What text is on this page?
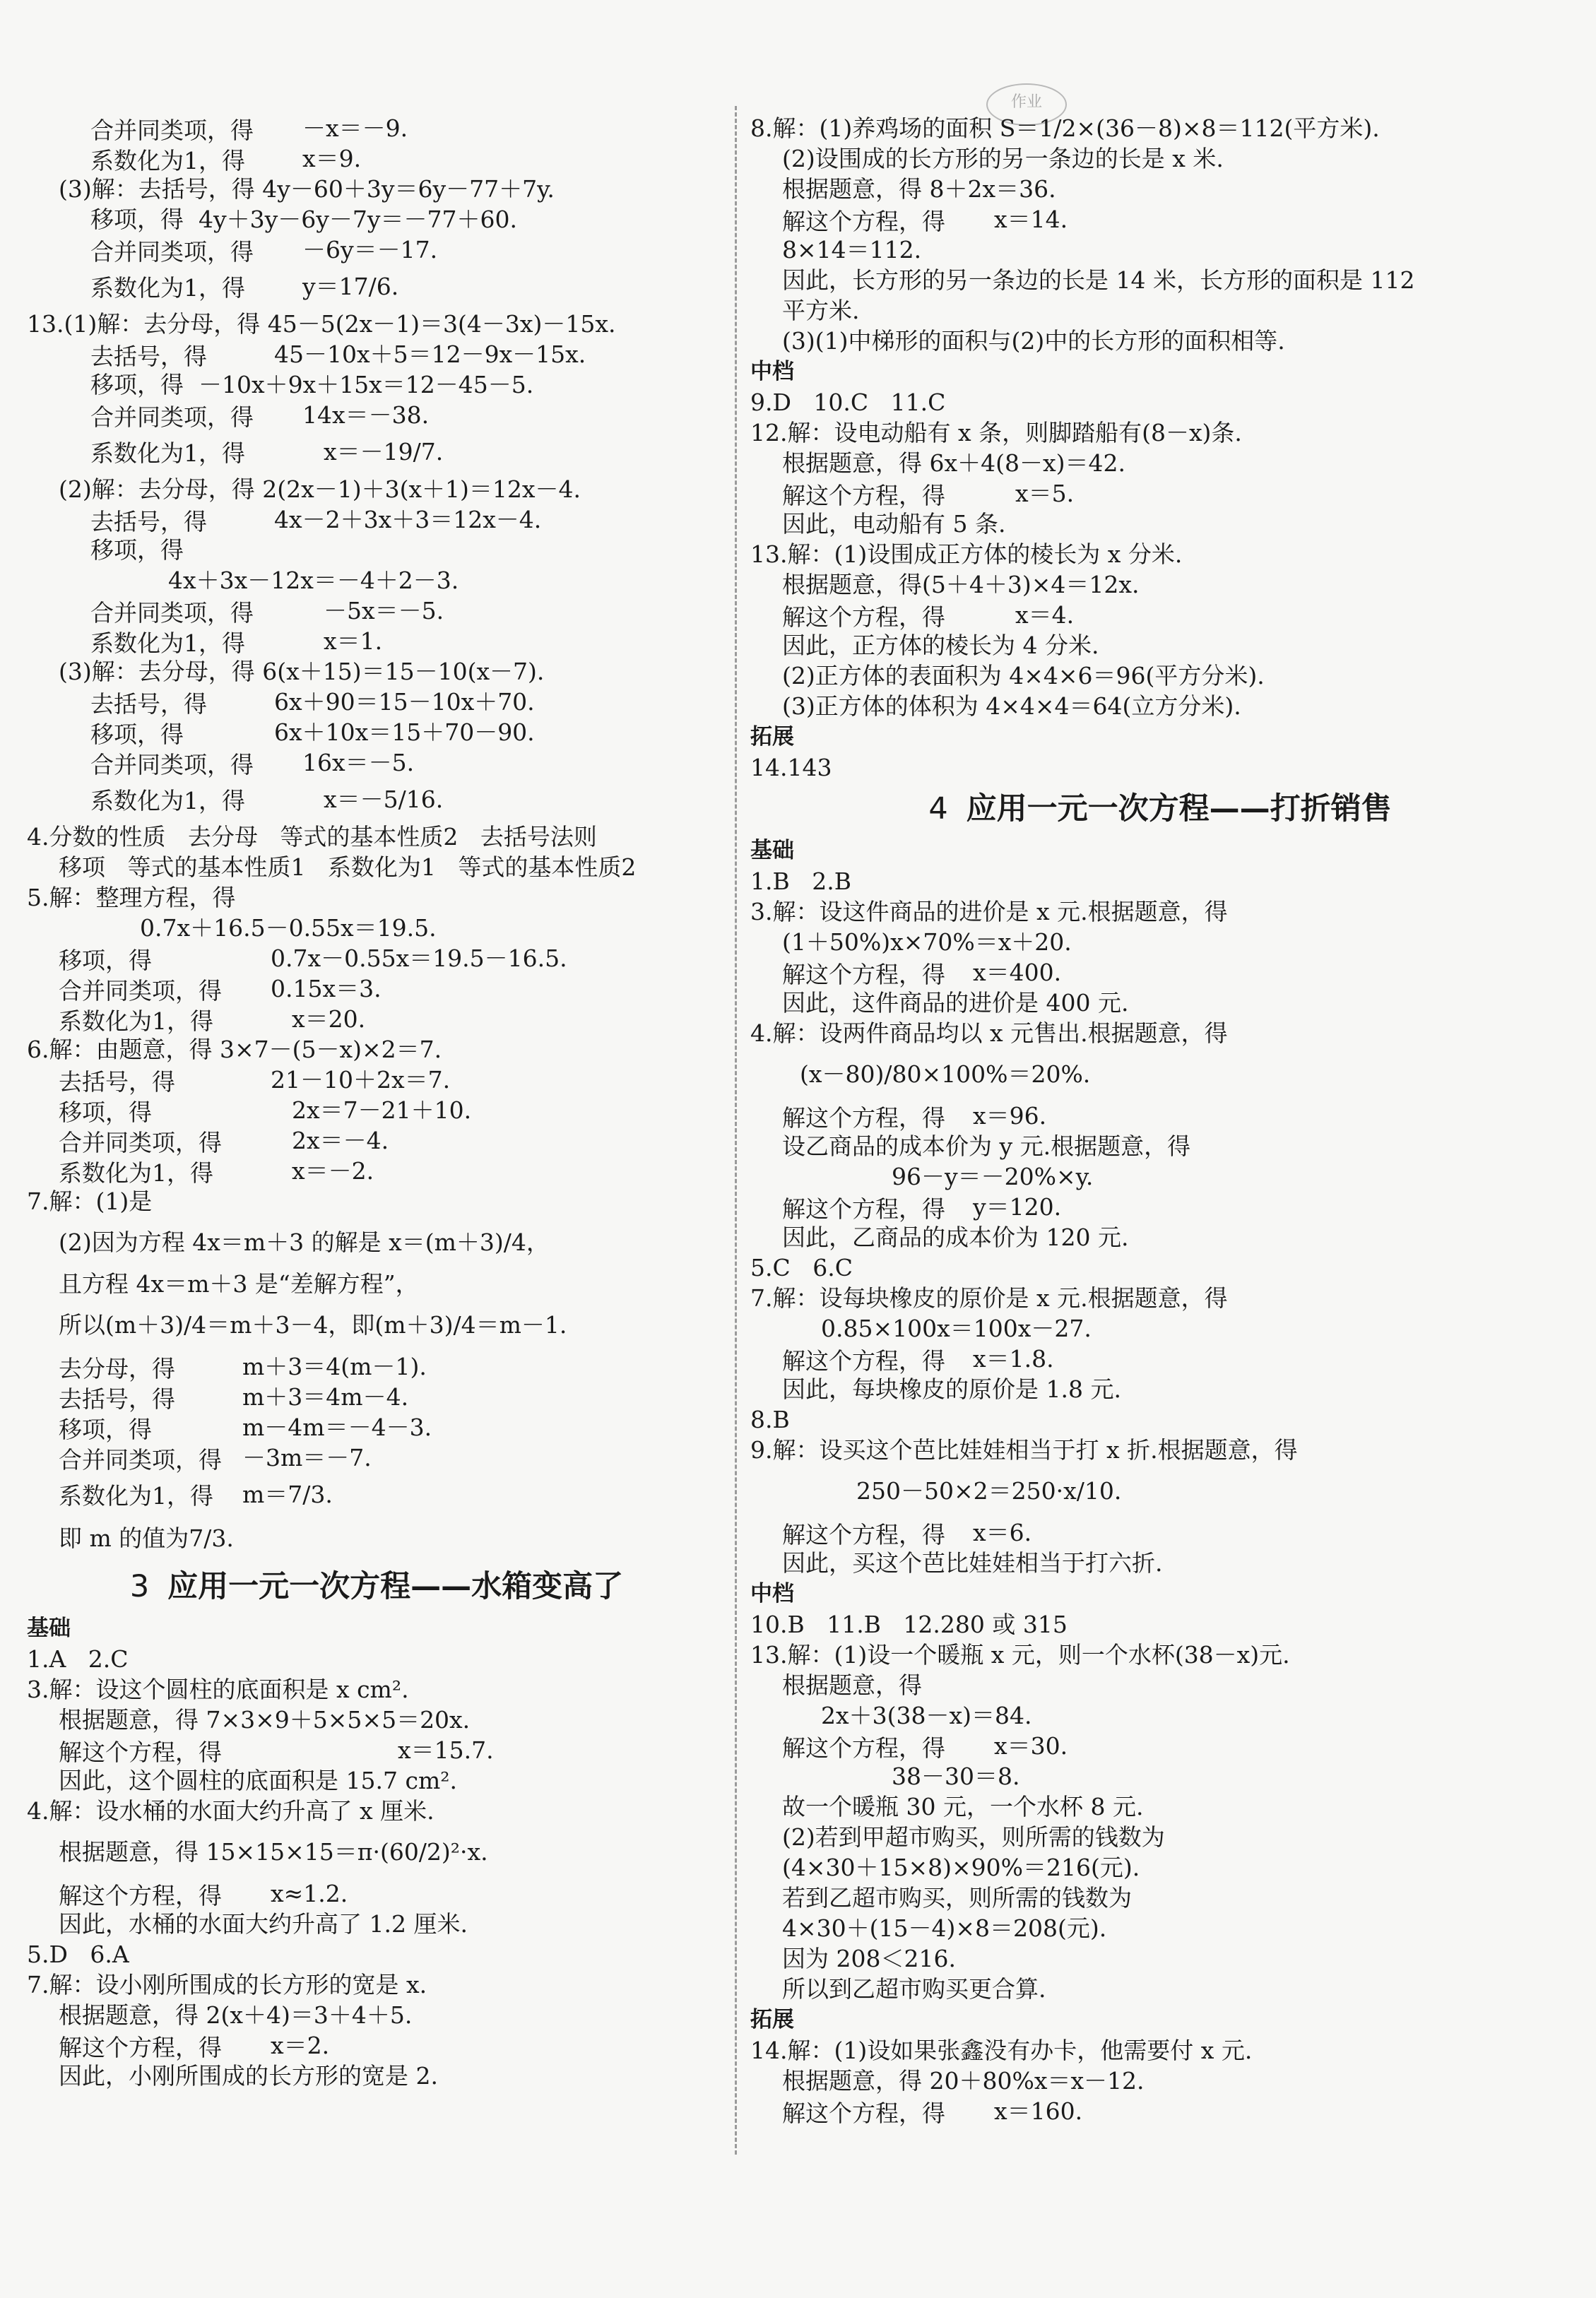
作业
合并同类项，得 －x＝－9.
系数化为1，得 x＝9.
(3)解：去括号，得 4y－60＋3y＝6y－77＋7y.
移项，得  4y＋3y－6y－7y＝－77＋60.
合并同类项，得 －6y＝－17.
系数化为1，得 y＝17/6.
13.(1)解：去分母，得 45－5(2x－1)＝3(4－3x)－15x.
去括号，得	45－10x＋5＝12－9x－15x.
移项，得  －10x＋9x＋15x＝12－45－5.
合并同类项，得 14x＝－38.
系数化为1，得	x＝－19/7.
(2)解：去分母，得 2(2x－1)＋3(x＋1)＝12x－4.
去括号，得	4x－2＋3x＋3＝12x－4.
移项，得
4x＋3x－12x＝－4＋2－3.
合并同类项，得	－5x＝－5.
系数化为1，得	x＝1.
(3)解：去分母，得 6(x＋15)＝15－10(x－7).
去括号，得	6x＋90＝15－10x＋70.
移项，得	6x＋10x＝15＋70－90.
合并同类项，得 16x＝－5.
系数化为1，得	x＝－5/16.
4.分数的性质   去分母   等式的基本性质2   去括号法则
移项   等式的基本性质1   系数化为1   等式的基本性质2
5.解：整理方程，得
0.7x＋16.5－0.55x＝19.5.
移项，得	0.7x－0.55x＝19.5－16.5.
合并同类项，得 0.15x＝3.
系数化为1，得	x＝20.
6.解：由题意，得 3×7－(5－x)×2＝7.
去括号，得	21－10＋2x＝7.
移项，得	2x＝7－21＋10.
合并同类项，得	2x＝－4.
系数化为1，得	x＝－2.
7.解：(1)是
(2)因为方程 4x＝m＋3 的解是 x＝(m＋3)/4，
且方程 4x＝m＋3 是“差解方程”，
所以(m＋3)/4＝m＋3－4，即(m＋3)/4＝m－1.
去分母，得	m＋3＝4(m－1).
去括号，得	m＋3＝4m－4.
移项，得	m－4m＝－4－3.
合并同类项，得 －3m＝－7.
系数化为1，得 m＝7/3.
即 m 的值为7/3.
3 应用一元一次方程——水箱变高了
基础
1.A   2.C
3.解：设这个圆柱的底面积是 x cm².
根据题意，得 7×3×9＋5×5×5＝20x.
解这个方程，得	x＝15.7.
因此，这个圆柱的底面积是 15.7 cm².
4.解：设水桶的水面大约升高了 x 厘米.
根据题意，得 15×15×15＝π·(60/2)²·x.
解这个方程，得 x≈1.2.
因此，水桶的水面大约升高了 1.2 厘米.
5.D   6.A
7.解：设小刚所围成的长方形的宽是 x.
根据题意，得 2(x＋4)＝3＋4＋5.
解这个方程，得 x＝2.
因此，小刚所围成的长方形的宽是 2.
8.解：(1)养鸡场的面积 S＝1/2×(36－8)×8＝112(平方米).
(2)设围成的长方形的另一条边的长是 x 米.
根据题意，得 8＋2x＝36.
解这个方程，得 x＝14.
8×14＝112.
因此，长方形的另一条边的长是 14 米，长方形的面积是 112
平方米.
(3)(1)中梯形的面积与(2)中的长方形的面积相等.
中档
9.D   10.C   11.C
12.解：设电动船有 x 条，则脚踏船有(8－x)条.
根据题意，得 6x＋4(8－x)＝42.
解这个方程，得	x＝5.
因此，电动船有 5 条.
13.解：(1)设围成正方体的棱长为 x 分米.
根据题意，得(5＋4＋3)×4＝12x.
解这个方程，得	x＝4.
因此，正方体的棱长为 4 分米.
(2)正方体的表面积为 4×4×6＝96(平方分米).
(3)正方体的体积为 4×4×4＝64(立方分米).
拓展
14.143
4 应用一元一次方程——打折销售
基础
1.B   2.B
3.解：设这件商品的进价是 x 元.根据题意，得
(1＋50%)x×70%＝x＋20.
解这个方程，得 x＝400.
因此，这件商品的进价是 400 元.
4.解：设两件商品均以 x 元售出.根据题意，得
(x－80)/80×100%＝20%.
解这个方程，得 x＝96.
设乙商品的成本价为 y 元.根据题意，得
96－y＝－20%×y.
解这个方程，得 y＝120.
因此，乙商品的成本价为 120 元.
5.C   6.C
7.解：设每块橡皮的原价是 x 元.根据题意，得
0.85×100x＝100x－27.
解这个方程，得 x＝1.8.
因此，每块橡皮的原价是 1.8 元.
8.B
9.解：设买这个芭比娃娃相当于打 x 折.根据题意，得
250－50×2＝250·x/10.
解这个方程，得 x＝6.
因此，买这个芭比娃娃相当于打六折.
中档
10.B   11.B   12.280 或 315
13.解：(1)设一个暖瓶 x 元，则一个水杯(38－x)元.
根据题意，得
2x＋3(38－x)＝84.
解这个方程，得 x＝30.
38－30＝8.
故一个暖瓶 30 元，一个水杯 8 元.
(2)若到甲超市购买，则所需的钱数为
(4×30＋15×8)×90%＝216(元).
若到乙超市购买，则所需的钱数为
4×30＋(15－4)×8＝208(元).
因为 208＜216.
所以到乙超市购买更合算.
拓展
14.解：(1)设如果张鑫没有办卡，他需要付 x 元.
根据题意，得 20＋80%x＝x－12.
解这个方程，得 x＝160.
